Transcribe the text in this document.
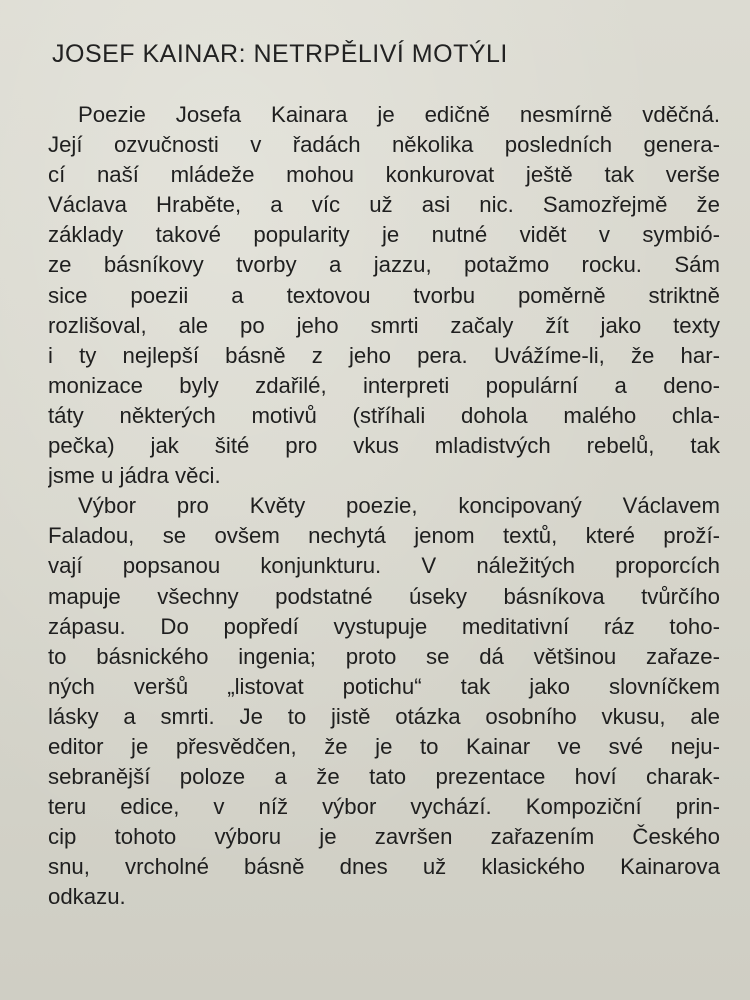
JOSEF KAINAR: NETRPĚLIVÍ MOTÝLI

Poezie Josefa Kainara je edičně nesmírně vděčná.
Její ozvučnosti v řadách několika posledních genera-
cí naší mládeže mohou konkurovat ještě tak verše
Václava Hraběte, a víc už asi nic. Samozřejmě že
základy takové popularity je nutné vidět v symbió-
ze básníkovy tvorby a jazzu, potažmo rocku. Sám
sice poezii a textovou tvorbu poměrně striktně
rozlišoval, ale po jeho smrti začaly žít jako texty
i ty nejlepší básně z jeho pera. Uvážíme-li, že har-
monizace byly zdařilé, interpreti populární a deno-
táty některých motivů (stříhali dohola malého chla-
pečka) jak šité pro vkus mladistvých rebelů, tak
jsme u jádra věci.

Výbor pro Květy poezie, koncipovaný Václavem
Faladou, se ovšem nechytá jenom textů, které proží-
vají popsanou konjunkturu. V náležitých proporcích
mapuje všechny podstatné úseky básníkova tvůrčího
zápasu. Do popředí vystupuje meditativní ráz toho-
to básnického ingenia; proto se dá většinou zařaze-
ných veršů „listovat potichu“ tak jako slovníčkem
lásky a smrti. Je to jistě otázka osobního vkusu, ale
editor je přesvědčen, že je to Kainar ve své neju-
sebranější poloze a že tato prezentace hoví charak-
teru edice, v níž výbor vychází. Kompoziční prin-
cip tohoto výboru je završen zařazením Českého
snu, vrcholné básně dnes už klasického Kainarova
odkazu.
